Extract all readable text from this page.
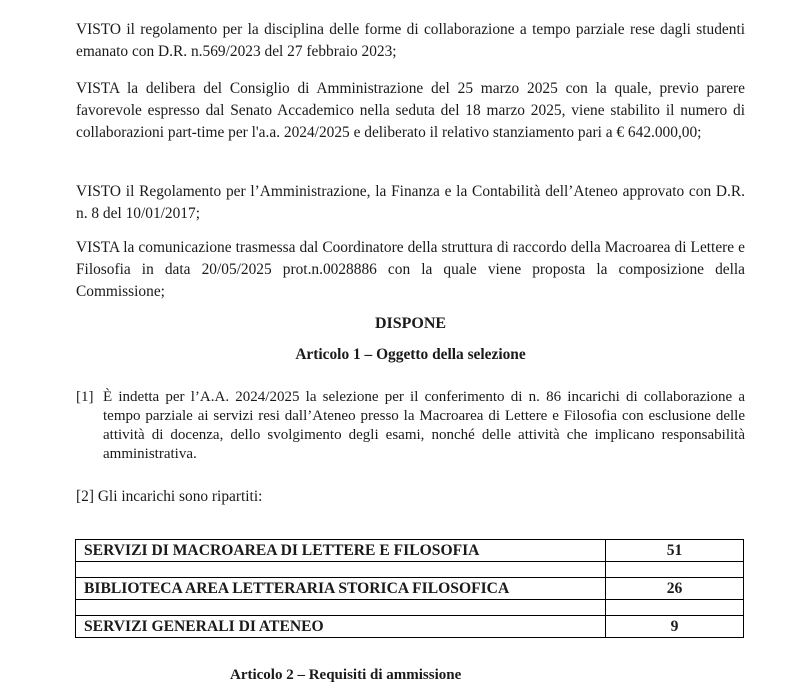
VISTO il regolamento per la disciplina delle forme di collaborazione a tempo parziale rese dagli studenti emanato con D.R. n.569/2023 del 27 febbraio 2023;

VISTA la delibera del Consiglio di Amministrazione del 25 marzo 2025 con la quale, previo parere favorevole espresso dal Senato Accademico nella seduta del 18 marzo 2025, viene stabilito il numero di collaborazioni part-time per l'a.a. 2024/2025 e deliberato il relativo stanziamento pari a € 642.000,00;

VISTO il Regolamento per l’Amministrazione, la Finanza e la Contabilità dell’Ateneo approvato con D.R. n. 8 del 10/01/2017;

VISTA la comunicazione trasmessa dal Coordinatore della struttura di raccordo della Macroarea di Lettere e Filosofia in data 20/05/2025 prot.n.0028886 con la quale viene proposta la composizione della Commissione;

DISPONE

Articolo 1 – Oggetto della selezione

[1] È indetta per l’A.A. 2024/2025 la selezione per il conferimento di n. 86 incarichi di collaborazione a tempo parziale ai servizi resi dall’Ateneo presso la Macroarea di Lettere e Filosofia con esclusione delle attività di docenza, dello svolgimento degli esami, nonché delle attività che implicano responsabilità amministrativa.

[2] Gli incarichi sono ripartiti:

SERVIZI DI MACROAREA DI LETTERE E FILOSOFIA	51

BIBLIOTECA AREA LETTERARIA STORICA FILOSOFICA	26

SERVIZI GENERALI DI ATENEO	9
Articolo 2 – Requisiti di ammissione
